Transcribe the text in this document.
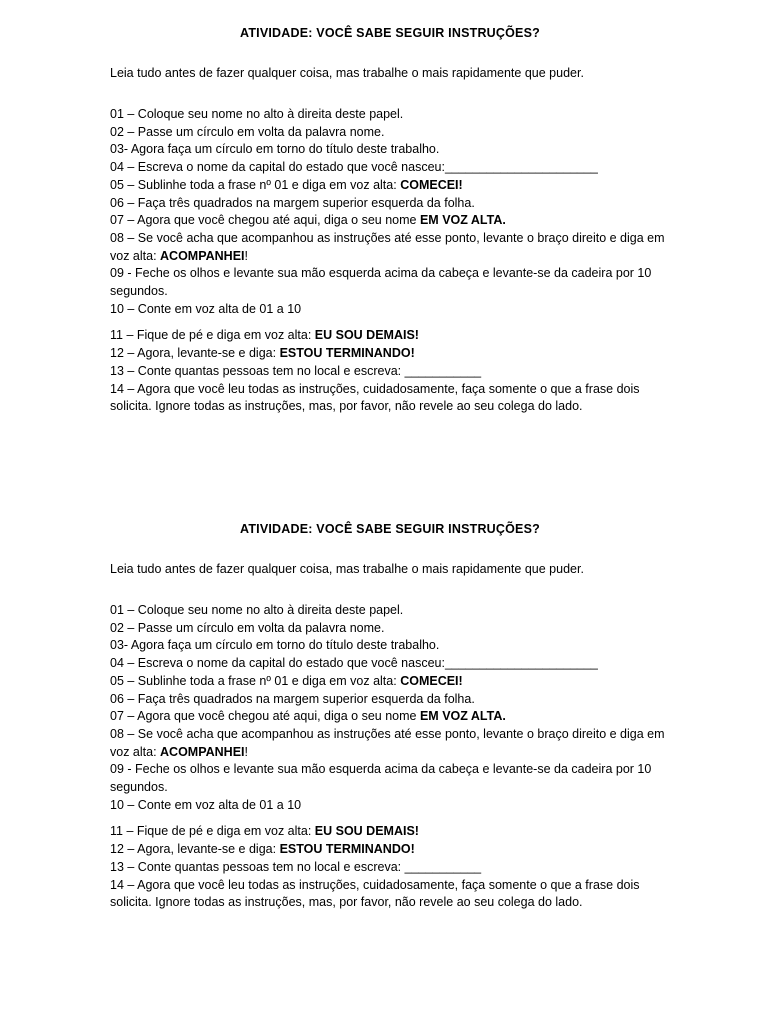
ATIVIDADE: VOCÊ SABE SEGUIR INSTRUÇÕES?
Leia tudo antes de fazer qualquer coisa, mas trabalhe o mais rapidamente que puder.

01 – Coloque seu nome no alto à direita deste papel.

02 – Passe um círculo em volta da palavra nome.

03- Agora faça um círculo em torno do título deste trabalho.

04 – Escreva o nome da capital do estado que você nasceu:______________________

05 – Sublinhe toda a frase nº 01 e diga em voz alta: COMECEI!

06 – Faça três quadrados na margem superior esquerda da folha.

07 – Agora que você chegou até aqui, diga o seu nome EM VOZ ALTA.

08 – Se você acha que acompanhou as instruções até esse ponto, levante o braço direito e diga em voz alta: ACOMPANHEI!

09 - Feche os olhos e levante sua mão esquerda acima da cabeça e levante-se da cadeira por 10 segundos.

10 – Conte em voz alta de 01 a 10

11 – Fique de pé e diga em voz alta: EU SOU DEMAIS!

12 – Agora, levante-se e diga: ESTOU TERMINANDO!

13 – Conte quantas pessoas tem no local e escreva: ___________

14 – Agora que você leu todas as instruções, cuidadosamente, faça somente o que a frase dois solicita. Ignore todas as instruções, mas, por favor, não revele ao seu colega do lado.

ATIVIDADE: VOCÊ SABE SEGUIR INSTRUÇÕES?
Leia tudo antes de fazer qualquer coisa, mas trabalhe o mais rapidamente que puder.

01 – Coloque seu nome no alto à direita deste papel.

02 – Passe um círculo em volta da palavra nome.

03- Agora faça um círculo em torno do título deste trabalho.

04 – Escreva o nome da capital do estado que você nasceu:______________________

05 – Sublinhe toda a frase nº 01 e diga em voz alta: COMECEI!

06 – Faça três quadrados na margem superior esquerda da folha.

07 – Agora que você chegou até aqui, diga o seu nome EM VOZ ALTA.

08 – Se você acha que acompanhou as instruções até esse ponto, levante o braço direito e diga em voz alta: ACOMPANHEI!

09 - Feche os olhos e levante sua mão esquerda acima da cabeça e levante-se da cadeira por 10 segundos.

10 – Conte em voz alta de 01 a 10

11 – Fique de pé e diga em voz alta: EU SOU DEMAIS!

12 – Agora, levante-se e diga: ESTOU TERMINANDO!

13 – Conte quantas pessoas tem no local e escreva: ___________

14 – Agora que você leu todas as instruções, cuidadosamente, faça somente o que a frase dois solicita. Ignore todas as instruções, mas, por favor, não revele ao seu colega do lado.
